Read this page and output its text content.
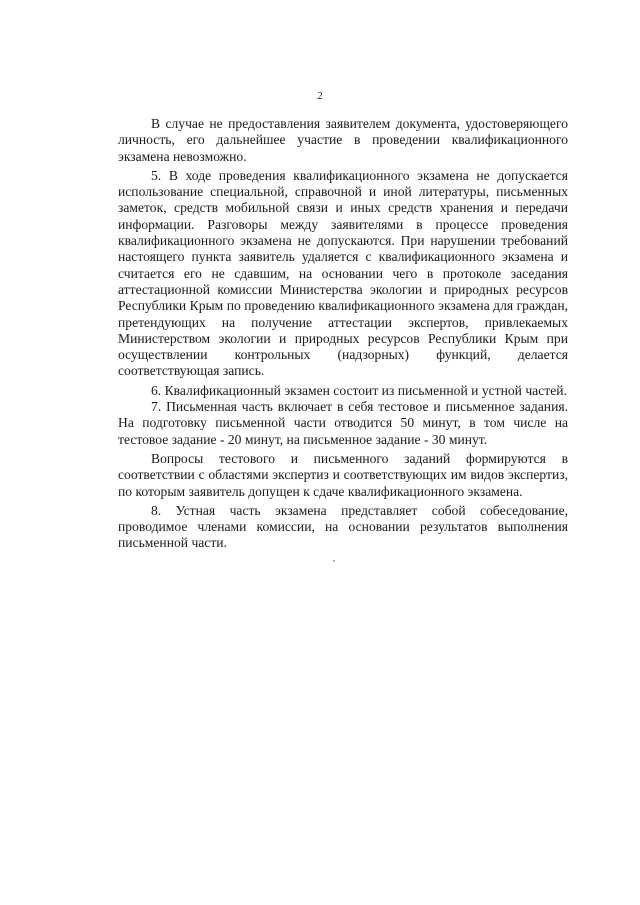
2

В случае не предоставления заявителем документа, удостоверяющего личность, его дальнейшее участие в проведении квалификационного экзамена невозможно.

5. В ходе проведения квалификационного экзамена не допускается использование специальной, справочной и иной литературы, письменных заметок, средств мобильной связи и иных средств хранения и передачи информации. Разговоры между заявителями в процессе проведения квалификационного экзамена не допускаются. При нарушении требований настоящего пункта заявитель удаляется с квалификационного экзамена и считается его не сдавшим, на основании чего в протоколе заседания аттестационной комиссии Министерства экологии и природных ресурсов Республики Крым по проведению квалификационного экзамена для граждан, претендующих на получение аттестации экспертов, привлекаемых Министерством экологии и природных ресурсов Республики Крым при осуществлении контрольных (надзорных) функций, делается соответствующая запись.

6. Квалификационный экзамен состоит из письменной и устной частей.

7. Письменная часть включает в себя тестовое и письменное задания. На подготовку письменной части отводится 50 минут, в том числе на тестовое задание - 20 минут, на письменное задание - 30 минут.

Вопросы тестового и письменного заданий формируются в соответствии с областями экспертиз и соответствующих им видов экспертиз, по которым заявитель допущен к сдаче квалификационного экзамена.

8. Устная часть экзамена представляет собой собеседование, проводимое членами комиссии, на основании результатов выполнения письменной части.
